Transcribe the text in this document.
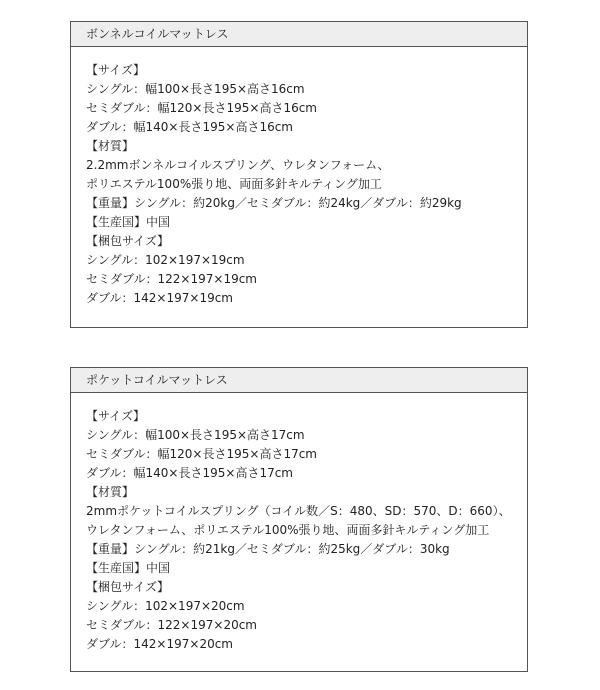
ボンネルコイルマットレス
【サイズ】
シングル：幅100×長さ195×高さ16cm
セミダブル：幅120×長さ195×高さ16cm
ダブル：幅140×長さ195×高さ16cm
【材質】
2.2mmボンネルコイルスプリング、ウレタンフォーム、
ポリエステル100%張り地、両面多針キルティング加工
【重量】シングル：約20kg／セミダブル：約24kg／ダブル：約29kg
【生産国】中国
【梱包サイズ】
シングル：102×197×19cm
セミダブル：122×197×19cm
ダブル：142×197×19cm
ポケットコイルマットレス
【サイズ】
シングル：幅100×長さ195×高さ17cm
セミダブル：幅120×長さ195×高さ17cm
ダブル：幅140×長さ195×高さ17cm
【材質】
2mmポケットコイルスプリング（コイル数／S：480、SD：570、D：660）、
ウレタンフォーム、ポリエステル100%張り地、両面多針キルティング加工
【重量】シングル：約21kg／セミダブル：約25kg／ダブル：30kg
【生産国】中国
【梱包サイズ】
シングル：102×197×20cm
セミダブル：122×197×20cm
ダブル：142×197×20cm
